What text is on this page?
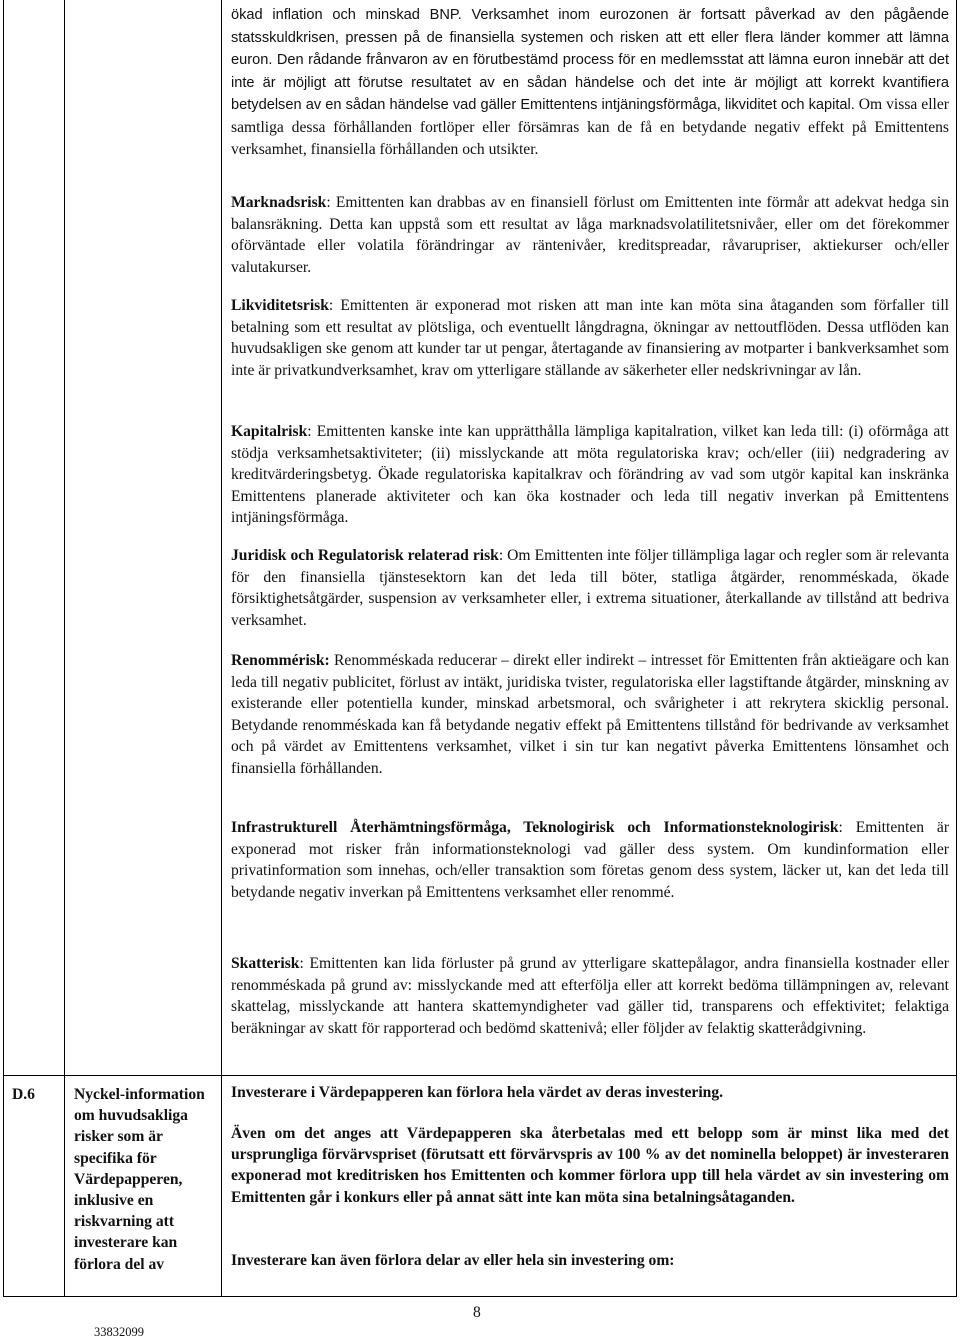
ökad inflation och minskad BNP. Verksamhet inom eurozonen är fortsatt påverkad av den pågående statsskuldkrisen, pressen på de finansiella systemen och risken att ett eller flera länder kommer att lämna euron. Den rådande frånvaron av en förutbestämd process för en medlemsstat att lämna euron innebär att det inte är möjligt att förutse resultatet av en sådan händelse och det inte är möjligt att korrekt kvantifiera betydelsen av en sådan händelse vad gäller Emittentens intjäningsförmåga, likviditet och kapital. Om vissa eller samtliga dessa förhållanden fortlöper eller försämras kan de få en betydande negativ effekt på Emittentens verksamhet, finansiella förhållanden och utsikter.

Marknadsrisk: Emittenten kan drabbas av en finansiell förlust om Emittenten inte förmår att adekvat hedga sin balansräkning. Detta kan uppstå som ett resultat av låga marknadsvolatilitetsnivåer, eller om det förekommer oförväntade eller volatila förändringar av räntenivåer, kreditspreadar, råvarupriser, aktiekurser och/eller valutakurser.

Likviditetsrisk: Emittenten är exponerad mot risken att man inte kan möta sina åtaganden som förfaller till betalning som ett resultat av plötsliga, och eventuellt långdragna, ökningar av nettoutflöden. Dessa utflöden kan huvudsakligen ske genom att kunder tar ut pengar, återtagande av finansiering av motparter i bankverksamhet som inte är privatkundverksamhet, krav om ytterligare ställande av säkerheter eller nedskrivningar av lån.

Kapitalrisk: Emittenten kanske inte kan upprätthålla lämpliga kapitalration, vilket kan leda till: (i) oförmåga att stödja verksamhetsaktiviteter; (ii) misslyckande att möta regulatoriska krav; och/eller (iii) nedgradering av kreditvärderingsbetyg. Ökade regulatoriska kapitalkrav och förändring av vad som utgör kapital kan inskränka Emittentens planerade aktiviteter och kan öka kostnader och leda till negativ inverkan på Emittentens intjäningsförmåga.

Juridisk och Regulatorisk relaterad risk: Om Emittenten inte följer tillämpliga lagar och regler som är relevanta för den finansiella tjänstesektorn kan det leda till böter, statliga åtgärder, renomméskada, ökade försiktighetsåtgärder, suspension av verksamheter eller, i extrema situationer, återkallande av tillstånd att bedriva verksamhet.

Renommérisk: Renomméskada reducerar – direkt eller indirekt – intresset för Emittenten från aktieägare och kan leda till negativ publicitet, förlust av intäkt, juridiska tvister, regulatoriska eller lagstiftande åtgärder, minskning av existerande eller potentiella kunder, minskad arbetsmoral, och svårigheter i att rekrytera skicklig personal. Betydande renomméskada kan få betydande negativ effekt på Emittentens tillstånd för bedrivande av verksamhet och på värdet av Emittentens verksamhet, vilket i sin tur kan negativt påverka Emittentens lönsamhet och finansiella förhållanden.

Infrastrukturell Återhämtningsförmåga, Teknologirisk och Informationsteknologirisk: Emittenten är exponerad mot risker från informationsteknologi vad gäller dess system. Om kundinformation eller privatinformation som innehas, och/eller transaktion som företas genom dess system, läcker ut, kan det leda till betydande negativ inverkan på Emittentens verksamhet eller renommé.

Skatterisk: Emittenten kan lida förluster på grund av ytterligare skattepålagor, andra finansiella kostnader eller renomméskada på grund av: misslyckande med att efterfölja eller att korrekt bedöma tillämpningen av, relevant skattelag, misslyckande att hantera skattemyndigheter vad gäller tid, transparens och effektivitet; felaktiga beräkningar av skatt för rapporterad och bedömd skattenivå; eller följder av felaktig skatterådgivning.

D.6	Nyckel-information om huvudsakliga risker som är specifika för Värdepapperen, inklusive en riskvarning att investerare kan förlora del av

Investerare i Värdepapperen kan förlora hela värdet av deras investering.

Även om det anges att Värdepapperen ska återbetalas med ett belopp som är minst lika med det ursprungliga förvärvspriset (förutsatt ett förvärvspris av 100 % av det nominella beloppet) är investeraren exponerad mot kreditrisken hos Emittenten och kommer förlora upp till hela värdet av sin investering om Emittenten går i konkurs eller på annat sätt inte kan möta sina betalningsåtaganden.

Investerare kan även förlora delar av eller hela sin investering om:

8
33832099
